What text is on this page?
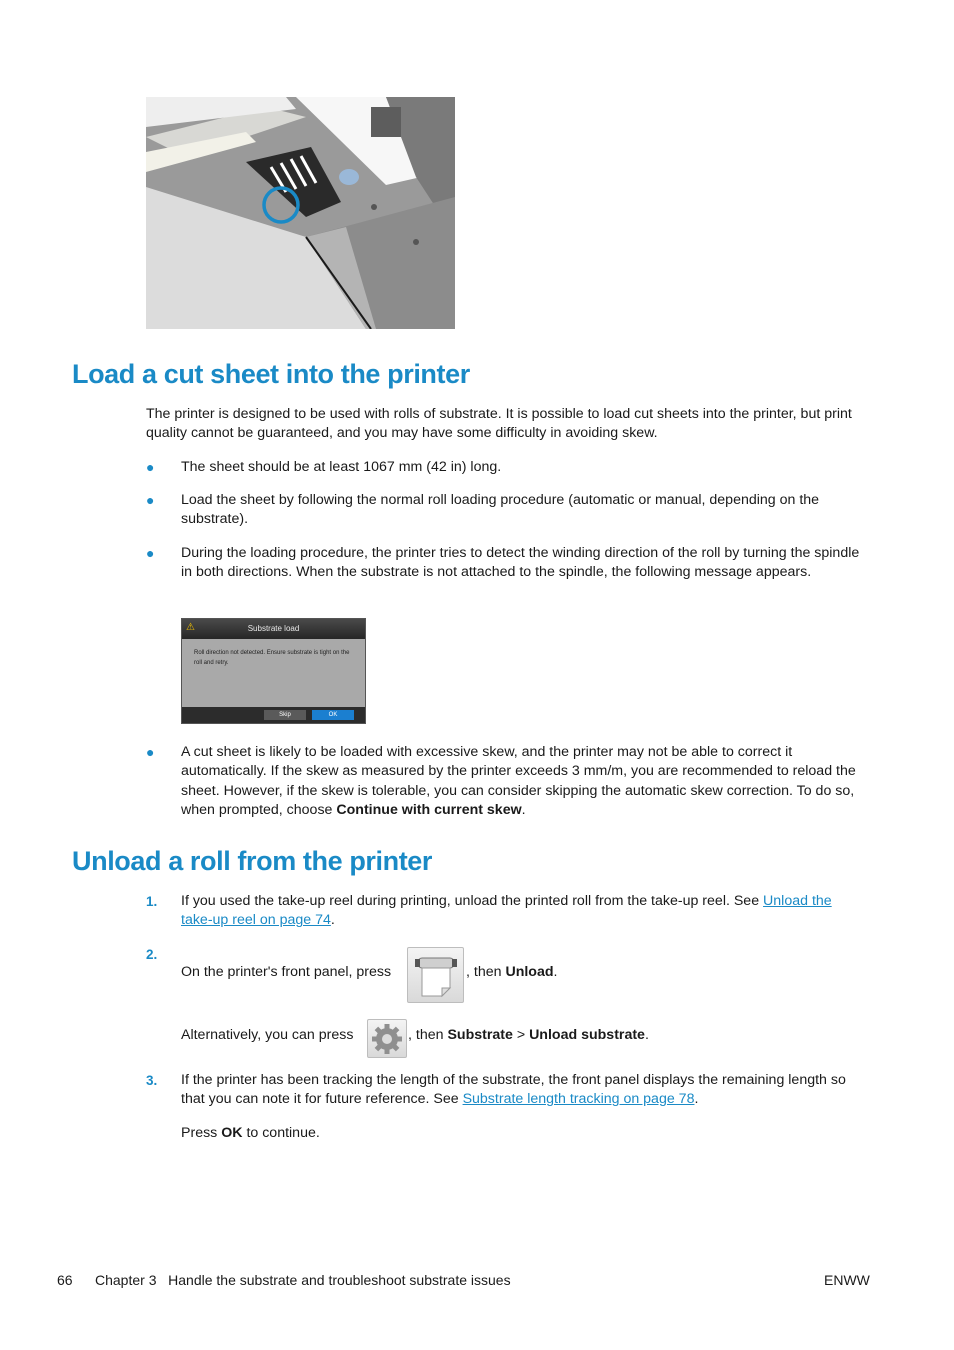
Load a cut sheet into the printer

The printer is designed to be used with rolls of substrate. It is possible to load cut sheets into the printer, but print quality cannot be guaranteed, and you may have some difficulty in avoiding skew.

● The sheet should be at least 1067 mm (42 in) long.
● Load the sheet by following the normal roll loading procedure (automatic or manual, depending on the substrate).
● During the loading procedure, the printer tries to detect the winding direction of the roll by turning the spindle in both directions. When the substrate is not attached to the spindle, the following message appears.
⚠	Substrate load
Roll direction not detected. Ensure substrate is tight on the roll and retry.
Skip	OK
● A cut sheet is likely to be loaded with excessive skew, and the printer may not be able to correct it automatically. If the skew as measured by the printer exceeds 3 mm/m, you are recommended to reload the sheet. However, if the skew is tolerable, you can consider skipping the automatic skew correction. To do so, when prompted, choose Continue with current skew.
Unload a roll from the printer
1. If you used the take-up reel during printing, unload the printed roll from the take-up reel. See Unload the take-up reel on page 74.
2.
On the printer's front panel, press	, then Unload.
Alternatively, you can press	, then Substrate > Unload substrate.
3. If the printer has been tracking the length of the substrate, the front panel displays the remaining length so that you can note it for future reference. See Substrate length tracking on page 78.
Press OK to continue.
66 Chapter 3   Handle the substrate and troubleshoot substrate issues	ENWW
